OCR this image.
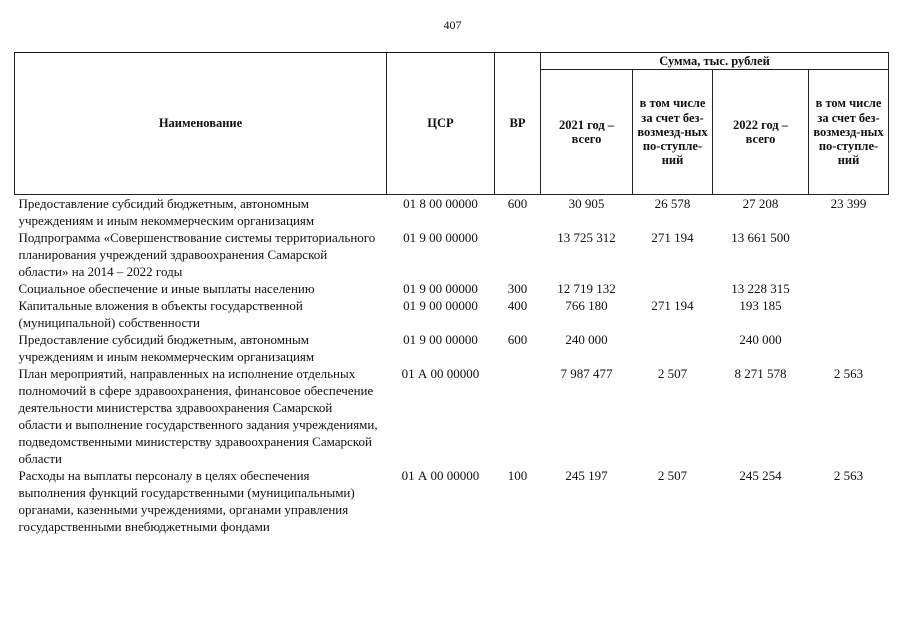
407
Наименование	ЦСР	ВР	Сумма, тыс. рублей			
			2021 год – всего	в том числе за счет без-возмезд-ных по-ступле-ний	2022 год – всего	в том числе за счет без-возмезд-ных по-ступле-ний
Предоставление субсидий бюджетным, автономным учреждениям и иным некоммерческим организациям	01 8 00 00000	600	30 905	26 578	27 208	23 399
Подпрограмма «Совершенствование системы территориального планирования учреждений здравоохранения Самарской области» на 2014 – 2022 годы	01 9 00 00000		13 725 312	271 194	13 661 500	
Социальное обеспечение и иные выплаты населению	01 9 00 00000	300	12 719 132		13 228 315	
Капитальные вложения в объекты государственной (муниципальной) собственности	01 9 00 00000	400	766 180	271 194	193 185	
Предоставление субсидий бюджетным, автономным учреждениям и иным некоммерческим организациям	01 9 00 00000	600	240 000		240 000	
План мероприятий, направленных на исполнение отдельных полномочий в сфере здравоохранения, финансовое обеспечение деятельности министерства здравоохранения Самарской области и выполнение государственного задания учреждениями, подведомственными министерству здравоохранения Самарской области	01 А 00 00000		7 987 477	2 507	8 271 578	2 563
Расходы на выплаты персоналу в целях обеспечения выполнения функций государственными (муниципальными) органами, казенными учреждениями, органами управления государственными внебюджетными фондами	01 А 00 00000	100	245 197	2 507	245 254	2 563
